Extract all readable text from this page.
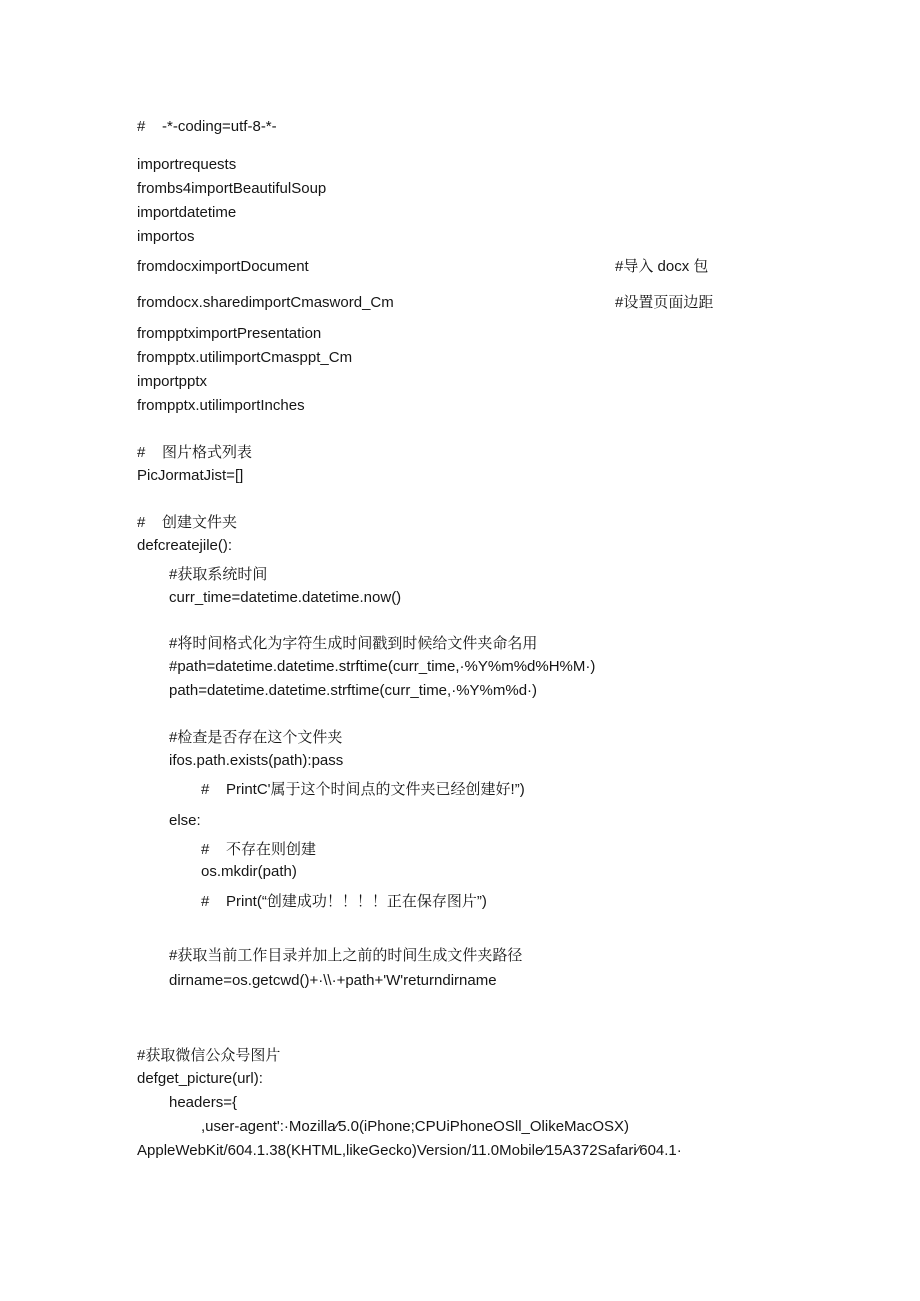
#    -*-coding=utf-8-*-
importrequests
frombs4importBeautifulSoup
importdatetime
importos
fromdocximportDocument	#导入 docx 包
fromdocx.sharedimportCmasword_Cm	#设置页面边距
frompptximportPresentation
frompptx.utilimportCmasppt_Cm
importpptx
frompptx.utilimportInches
#    图片格式列表
PicJormatJist=[]
#    创建文件夹
defcreatejile():
#获取系统时间
curr_time=datetime.datetime.now()
#将时间格式化为字符生成时间戳到时候给文件夹命名用
#path=datetime.datetime.strftime(curr_time,·%Y%m%d%H%M·)
path=datetime.datetime.strftime(curr_time,·%Y%m%d·)
#检查是否存在这个文件夹
ifos.path.exists(path):pass
#    PrintC'属于这个时间点的文件夹已经创建好!”)
else:
#    不存在则创建
os.mkdir(path)
#    Print(“创建成功！！！！正在保存图片”)
#获取当前工作目录并加上之前的时间生成文件夹路径
dirname=os.getcwd()+·\\·+path+'W'returndirname
#获取微信公众号图片
defget_picture(url):
headers={
,user-agent':·Mozilla⁄5.0(iPhone;CPUiPhoneOSll_OlikeMacOSX)
AppleWebKit/604.1.38(KHTML,likeGecko)Version/11.0Mobile⁄15A372Safari⁄604.1·
